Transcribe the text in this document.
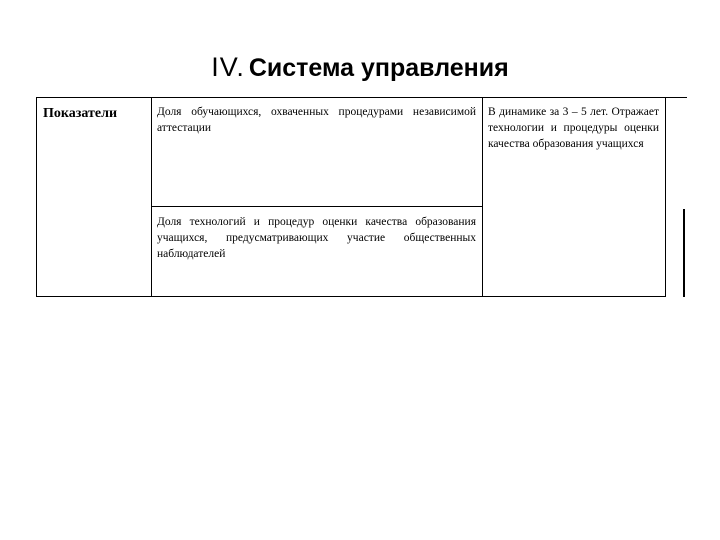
IV. Система управления
Показатели	Доля обучающихся, охваченных процедурами независимой аттестации
Доля технологий и процедур оценки качества образования учащихся, предусматривающих участие общественных наблюдателей
В динамике за 3 – 5 лет. Отражает технологии и процедуры оценки качества образования учащихся
